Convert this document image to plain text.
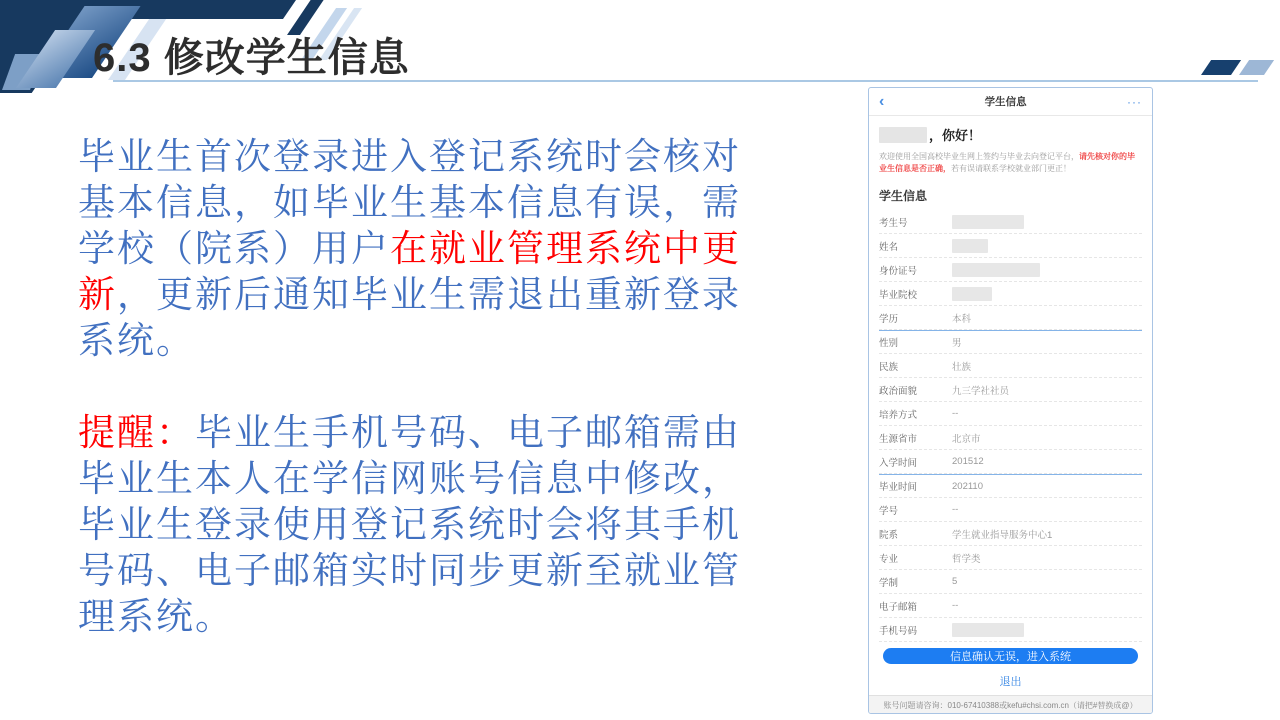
6.3 修改学生信息

毕业生首次登录进入登记系统时会核对基本信息，如毕业生基本信息有误，需学校（院系）用户在就业管理系统中更新，更新后通知毕业生需退出重新登录系统。

提醒：毕业生手机号码、电子邮箱需由毕业生本人在学信网账号信息中修改，毕业生登录使用登记系统时会将其手机号码、电子邮箱实时同步更新至就业管理系统。

‹	学生信息	···
，你好！
欢迎使用全国高校毕业生网上签约与毕业去向登记平台，请先核对你的毕业生信息是否正确，若有误请联系学校就业部门更正！
学生信息
考生号
姓名
身份证号
毕业院校
学历	本科
性别	男
民族	壮族
政治面貌	九三学社社员
培养方式	--
生源省市	北京市
入学时间	201512
毕业时间	202110
学号	--
院系	学生就业指导服务中心1
专业	哲学类
学制	5
电子邮箱	--
手机号码
信息确认无误，进入系统
退出
账号问题请咨询：010-67410388或kefu#chsi.com.cn（请把#替换成@）
